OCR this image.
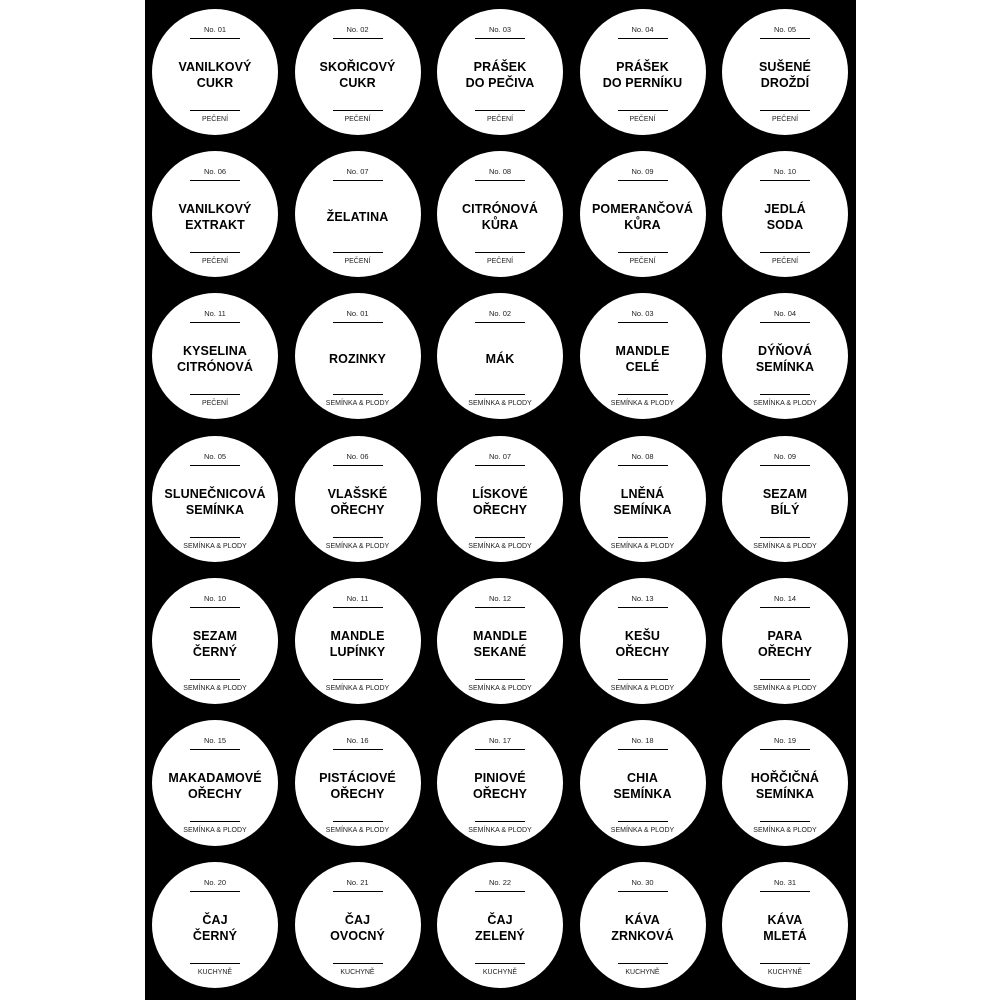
No. 01
VANILKOVÝ
CUKR
PEČENÍ
No. 02
SKOŘICOVÝ
CUKR
PEČENÍ
No. 03
PRÁŠEK
DO PEČIVA
PEČENÍ
No. 04
PRÁŠEK
DO PERNÍKU
PEČENÍ
No. 05
SUŠENÉ
DROŽDÍ
PEČENÍ
No. 06
VANILKOVÝ
EXTRAKT
PEČENÍ
No. 07
ŽELATINA
PEČENÍ
No. 08
CITRÓNOVÁ
KŮRA
PEČENÍ
No. 09
POMERANČOVÁ
KŮRA
PEČENÍ
No. 10
JEDLÁ
SODA
PEČENÍ
No. 11
KYSELINA
CITRÓNOVÁ
PEČENÍ
No. 01
ROZINKY
SEMÍNKA & PLODY
No. 02
MÁK
SEMÍNKA & PLODY
No. 03
MANDLE
CELÉ
SEMÍNKA & PLODY
No. 04
DÝŇOVÁ
SEMÍNKA
SEMÍNKA & PLODY
No. 05
SLUNEČNICOVÁ
SEMÍNKA
SEMÍNKA & PLODY
No. 06
VLAŠSKÉ
OŘECHY
SEMÍNKA & PLODY
No. 07
LÍSKOVÉ
OŘECHY
SEMÍNKA & PLODY
No. 08
LNĚNÁ
SEMÍNKA
SEMÍNKA & PLODY
No. 09
SEZAM
BÍLÝ
SEMÍNKA & PLODY
No. 10
SEZAM
ČERNÝ
SEMÍNKA & PLODY
No. 11
MANDLE
LUPÍNKY
SEMÍNKA & PLODY
No. 12
MANDLE
SEKANÉ
SEMÍNKA & PLODY
No. 13
KEŠU
OŘECHY
SEMÍNKA & PLODY
No. 14
PARA
OŘECHY
SEMÍNKA & PLODY
No. 15
MAKADAMOVÉ
OŘECHY
SEMÍNKA & PLODY
No. 16
PISTÁCIOVÉ
OŘECHY
SEMÍNKA & PLODY
No. 17
PINIOVÉ
OŘECHY
SEMÍNKA & PLODY
No. 18
CHIA
SEMÍNKA
SEMÍNKA & PLODY
No. 19
HOŘČIČNÁ
SEMÍNKA
SEMÍNKA & PLODY
No. 20
ČAJ
ČERNÝ
KUCHYNĚ
No. 21
ČAJ
OVOCNÝ
KUCHYNĚ
No. 22
ČAJ
ZELENÝ
KUCHYNĚ
No. 30
KÁVA
ZRNKOVÁ
KUCHYNĚ
No. 31
KÁVA
MLETÁ
KUCHYNĚ
